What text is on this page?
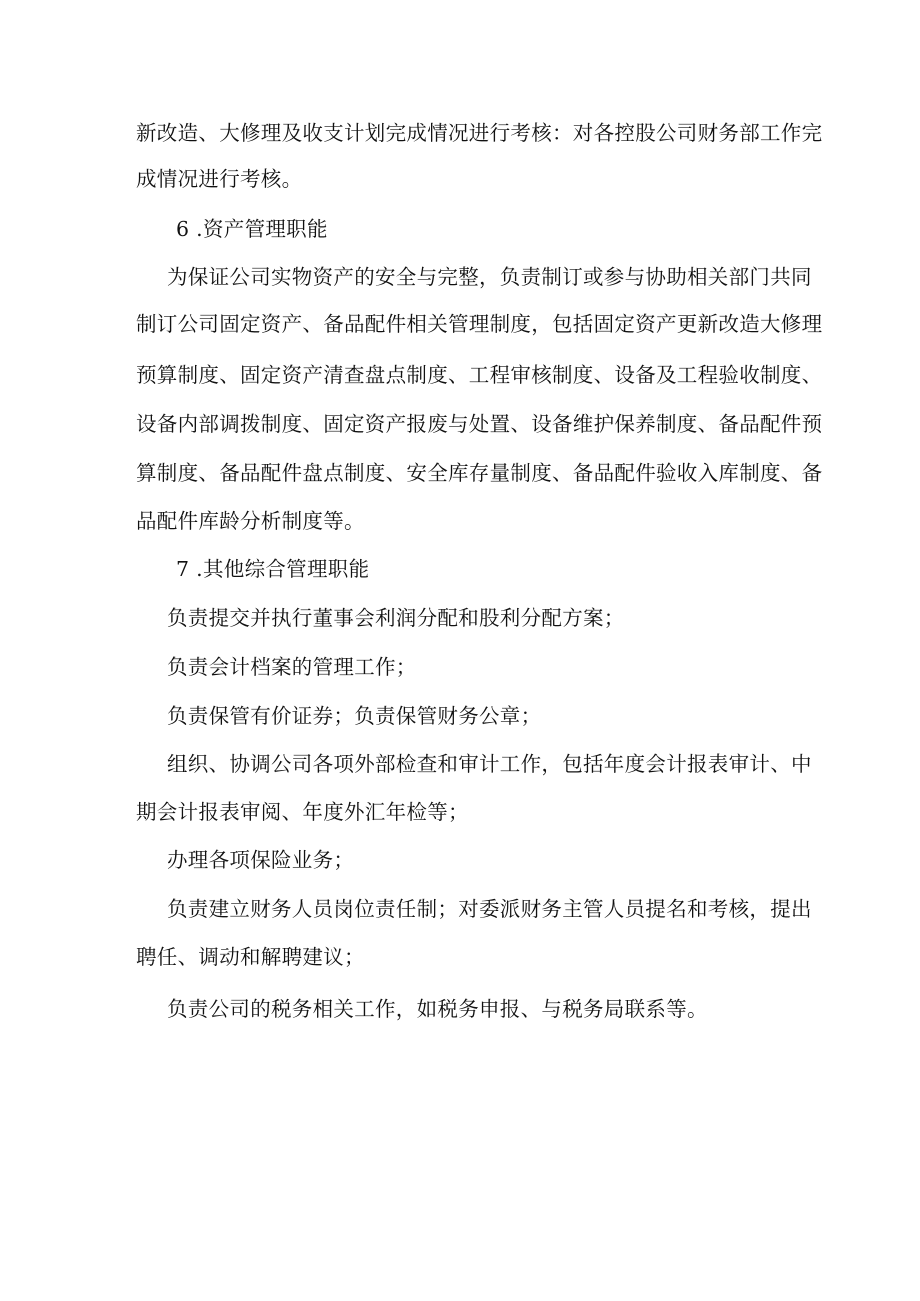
新改造、大修理及收支计划完成情况进行考核：对各控股公司财务部工作完
成情况进行考核。
6 .资产管理职能
为保证公司实物资产的安全与完整，负责制订或参与协助相关部门共同
制订公司固定资产、备品配件相关管理制度，包括固定资产更新改造大修理
预算制度、固定资产清查盘点制度、工程审核制度、设备及工程验收制度、
设备内部调拨制度、固定资产报废与处置、设备维护保养制度、备品配件预
算制度、备品配件盘点制度、安全库存量制度、备品配件验收入库制度、备
品配件库龄分析制度等。
7 .其他综合管理职能
负责提交并执行董事会利润分配和股利分配方案；
负责会计档案的管理工作；
负责保管有价证券；负责保管财务公章；
组织、协调公司各项外部检查和审计工作，包括年度会计报表审计、中
期会计报表审阅、年度外汇年检等；
办理各项保险业务；
负责建立财务人员岗位责任制；对委派财务主管人员提名和考核，提出
聘任、调动和解聘建议；
负责公司的税务相关工作，如税务申报、与税务局联系等。
